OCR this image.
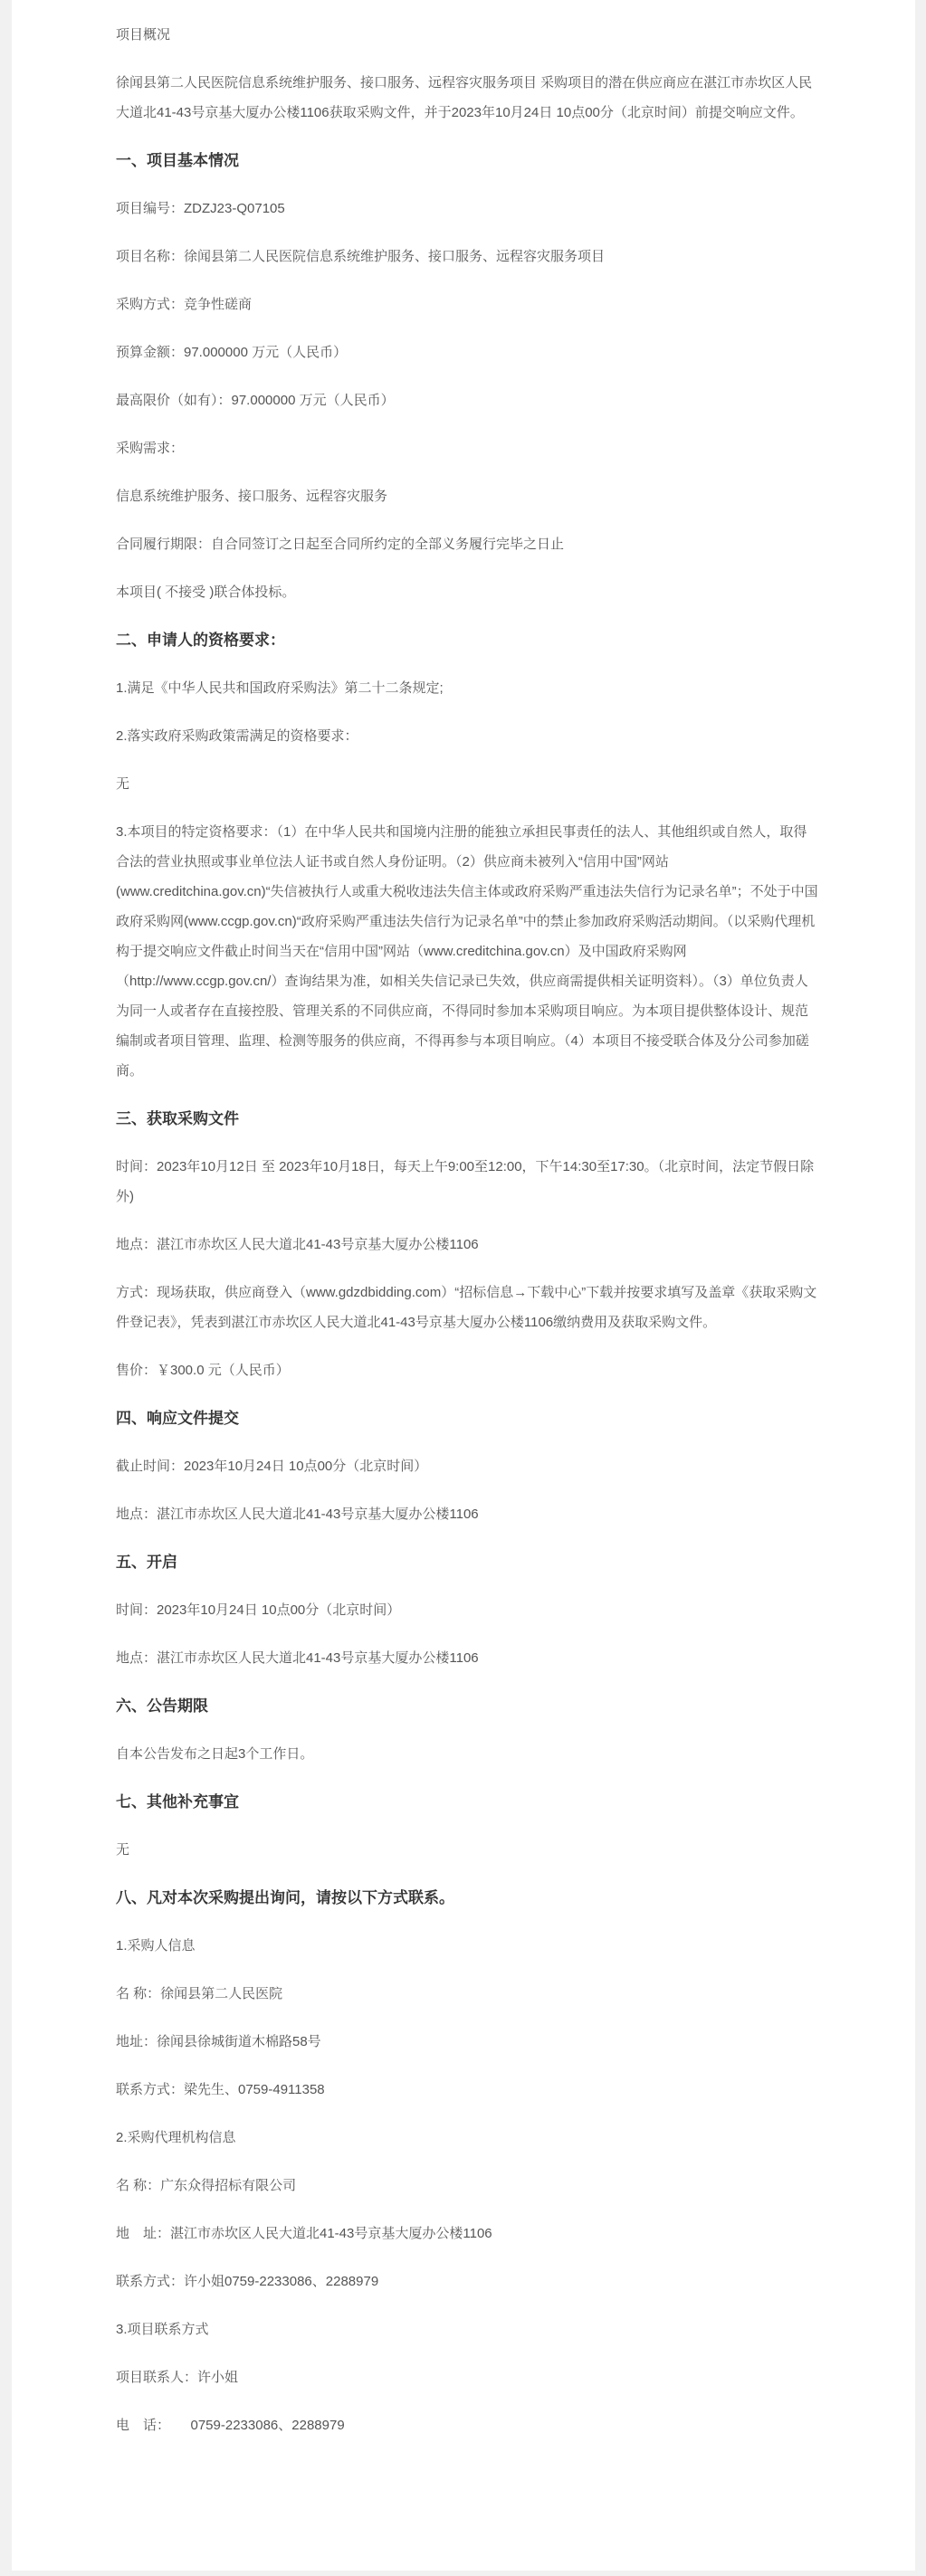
项目概况

徐闻县第二人民医院信息系统维护服务、接口服务、远程容灾服务项目 采购项目的潜在供应商应在湛江市赤坎区人民大道北41-43号京基大厦办公楼1106获取采购文件，并于2023年10月24日 10点00分（北京时间）前提交响应文件。

一、项目基本情况

项目编号：ZDZJ23-Q07105

项目名称：徐闻县第二人民医院信息系统维护服务、接口服务、远程容灾服务项目

采购方式：竞争性磋商

预算金额：97.000000 万元（人民币）

最高限价（如有）：97.000000 万元（人民币）

采购需求：

信息系统维护服务、接口服务、远程容灾服务

合同履行期限：自合同签订之日起至合同所约定的全部义务履行完毕之日止

本项目( 不接受 )联合体投标。

二、申请人的资格要求：

1.满足《中华人民共和国政府采购法》第二十二条规定;

2.落实政府采购政策需满足的资格要求：

无

3.本项目的特定资格要求：（1）在中华人民共和国境内注册的能独立承担民事责任的法人、其他组织或自然人，取得合法的营业执照或事业单位法人证书或自然人身份证明。（2）供应商未被列入“信用中国”网站(www.creditchina.gov.cn)“失信被执行人或重大税收违法失信主体或政府采购严重违法失信行为记录名单”；不处于中国政府采购网(www.ccgp.gov.cn)“政府采购严重违法失信行为记录名单”中的禁止参加政府采购活动期间。（以采购代理机构于提交响应文件截止时间当天在“信用中国”网站（www.creditchina.gov.cn）及中国政府采购网（http://www.ccgp.gov.cn/）查询结果为准，如相关失信记录已失效，供应商需提供相关证明资料）。（3）单位负责人为同一人或者存在直接控股、管理关系的不同供应商，不得同时参加本采购项目响应。为本项目提供整体设计、规范编制或者项目管理、监理、检测等服务的供应商，不得再参与本项目响应。（4）本项目不接受联合体及分公司参加磋商。

三、获取采购文件

时间：2023年10月12日 至 2023年10月18日，每天上午9:00至12:00，下午14:30至17:30。（北京时间，法定节假日除外)

地点：湛江市赤坎区人民大道北41-43号京基大厦办公楼1106

方式：现场获取，供应商登入（www.gdzdbidding.com）“招标信息→下载中心”下载并按要求填写及盖章《获取采购文件登记表》，凭表到湛江市赤坎区人民大道北41-43号京基大厦办公楼1106缴纳费用及获取采购文件。

售价：￥300.0 元（人民币）

四、响应文件提交

截止时间：2023年10月24日 10点00分（北京时间）

地点：湛江市赤坎区人民大道北41-43号京基大厦办公楼1106

五、开启

时间：2023年10月24日 10点00分（北京时间）

地点：湛江市赤坎区人民大道北41-43号京基大厦办公楼1106

六、公告期限

自本公告发布之日起3个工作日。

七、其他补充事宜

无

八、凡对本次采购提出询问，请按以下方式联系。

1.采购人信息

名 称：徐闻县第二人民医院

地址：徐闻县徐城街道木棉路58号

联系方式：梁先生、0759-4911358

2.采购代理机构信息

名 称：广东众得招标有限公司

地　址：湛江市赤坎区人民大道北41-43号京基大厦办公楼1106

联系方式：许小姐0759-2233086、2288979

3.项目联系方式

项目联系人：许小姐

电　话：　　0759-2233086、2288979
